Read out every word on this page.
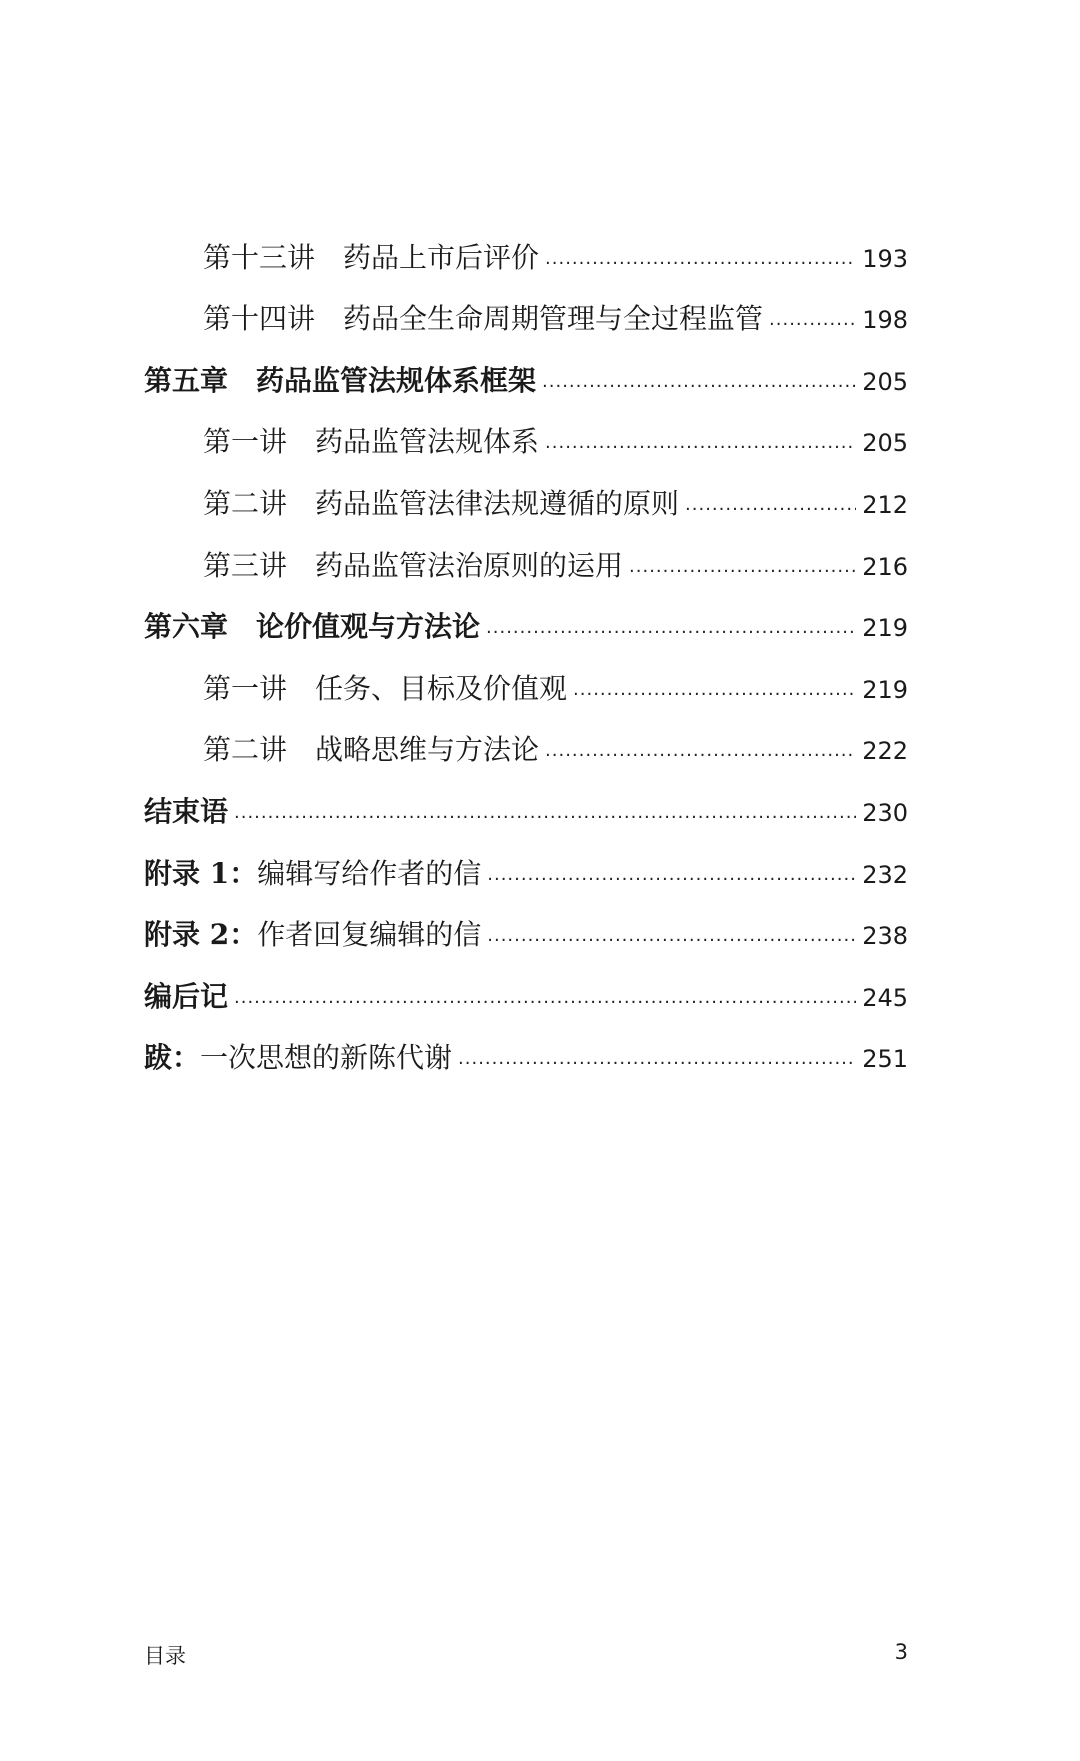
第十三讲 药品上市后评价 .....	193
第十四讲 药品全生命周期管理与全过程监管 .....	198
第五章 药品监管法规体系框架 .....	205
第一讲 药品监管法规体系 .....	205
第二讲 药品监管法律法规遵循的原则 .....	212
第三讲 药品监管法治原则的运用 .....	216
第六章 论价值观与方法论 .....	219
第一讲 任务、目标及价值观 .....	219
第二讲 战略思维与方法论 .....	222
结束语 .....	230
附录 1：编辑写给作者的信 .....	232
附录 2：作者回复编辑的信 .....	238
编后记 .....	245
跋：一次思想的新陈代谢 .....	251
目录	3
